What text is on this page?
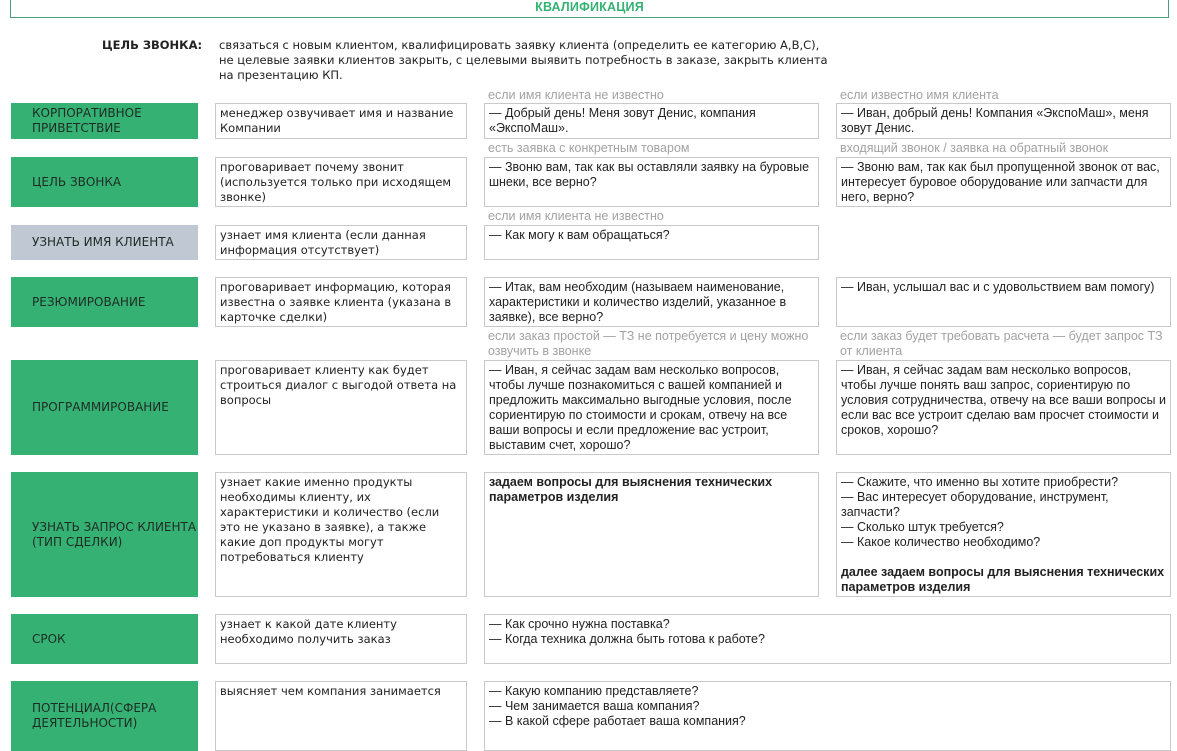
КВАЛИФИКАЦИЯ
ЦЕЛЬ ЗВОНКА: связаться с новым клиентом, квалифицировать заявку клиента (определить ее категорию А,В,С), не целевые заявки клиентов закрыть, с целевыми выявить потребность в заказе, закрыть клиента на презентацию КП.
КОРПОРАТИВНОЕ ПРИВЕТСТВИЕ
менеджер озвучивает имя и название Компании
если имя клиента не известно
— Добрый день! Меня зовут Денис, компания «ЭкспоМаш».
если известно имя клиента
— Иван, добрый день! Компания «ЭкспоМаш», меня зовут Денис.
ЦЕЛЬ ЗВОНКА
проговаривает почему звонит (используется только при исходящем звонке)
есть заявка с конкретным товаром
— Звоню вам, так как вы оставляли заявку на буровые шнеки, все верно?
входящий звонок / заявка на обратный звонок
— Звоню вам, так как был пропущенной звонок от вас, интересует буровое оборудование или запчасти для него, верно?
УЗНАТЬ ИМЯ КЛИЕНТА	узнает имя клиента (если данная информация отсутствует)
если имя клиента не известно
— Как могу к вам обращаться?
РЕЗЮМИРОВАНИЕ
проговаривает информацию, которая известна о заявке клиента (указана в карточке сделки)
— Итак, вам необходим (называем наименование, характеристики и количество изделий, указанное в заявке), все верно?
— Иван, услышал вас и с удовольствием вам помогу)
ПРОГРАММИРОВАНИЕ
проговаривает клиенту как будет строиться диалог с выгодой ответа на вопросы
если заказ простой — ТЗ не потребуется и цену можно озвучить в звонке
— Иван, я сейчас задам вам несколько вопросов, чтобы лучше познакомиться с вашей компанией и предложить максимально выгодные условия, после сориентирую по стоимости и срокам, отвечу на все ваши вопросы и если предложение вас устроит, выставим счет, хорошо?
если заказ будет требовать расчета — будет запрос ТЗ от клиента
— Иван, я сейчас задам вам несколько вопросов, чтобы лучше понять ваш запрос, сориентирую по условия сотрудничества, отвечу на все ваши вопросы и если вас все устроит сделаю вам просчет стоимости и сроков, хорошо?
УЗНАТЬ ЗАПРОС КЛИЕНТА (ТИП СДЕЛКИ)
узнает какие именно продукты необходимы клиенту, их характеристики и количество (если это не указано в заявке), а также какие доп продукты могут потребоваться клиенту
задаем вопросы для выяснения технических параметров изделия
— Скажите, что именно вы хотите приобрести?
— Вас интересует оборудование, инструмент, запчасти?
— Сколько штук требуется?
— Какое количество необходимо?
далее задаем вопросы для выяснения технических параметров изделия
СРОК
узнает к какой дате клиенту необходимо получить заказ
— Как срочно нужна поставка?
— Когда техника должна быть готова к работе?
ПОТЕНЦИАЛ(СФЕРА ДЕЯТЕЛЬНОСТИ)
выясняет чем компания занимается	— Какую компанию представляете?
— Чем занимается ваша компания?
— В какой сфере работает ваша компания?
